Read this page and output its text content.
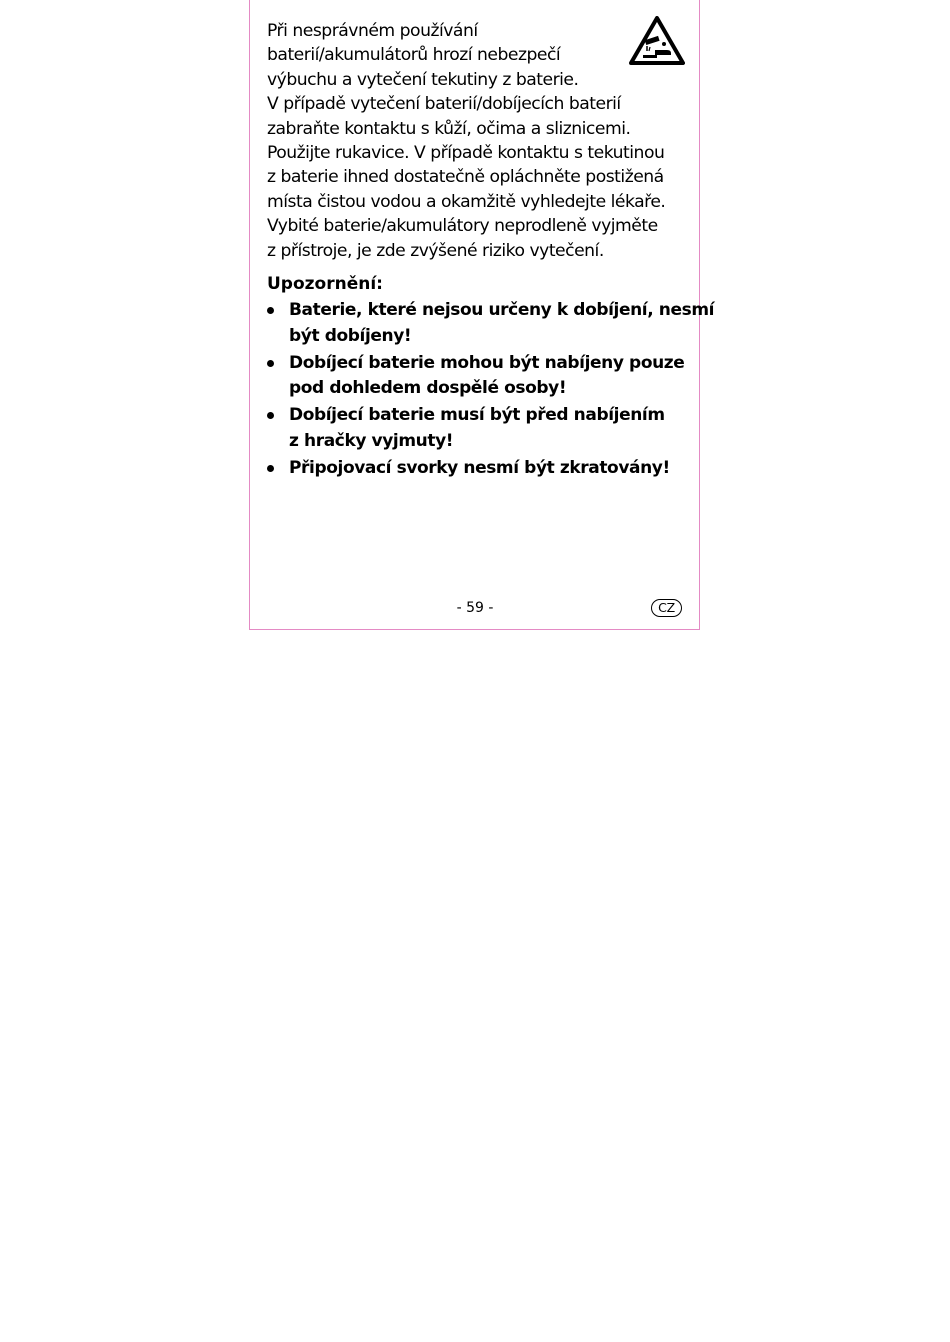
Při nesprávném používání
baterií/akumulátorů hrozí nebezpečí
výbuchu a vytečení tekutiny z baterie.
V případě vytečení baterií/dobíjecích baterií
zabraňte kontaktu s kůží, očima a sliznicemi.
Použijte rukavice. V případě kontaktu s tekutinou
z baterie ihned dostatečně opláchněte postižená
místa čistou vodou a okamžitě vyhledejte lékaře.
Vybité baterie/akumulátory neprodleně vyjměte
z přístroje, je zde zvýšené riziko vytečení.
Upozornění:
Baterie, které nejsou určeny k dobíjení, nesmí
být dobíjeny!
Dobíjecí baterie mohou být nabíjeny pouze
pod dohledem dospělé osoby!
Dobíjecí baterie musí být před nabíjením
z hračky vyjmuty!
Připojovací svorky nesmí být zkratovány!
- 59 -	CZ
